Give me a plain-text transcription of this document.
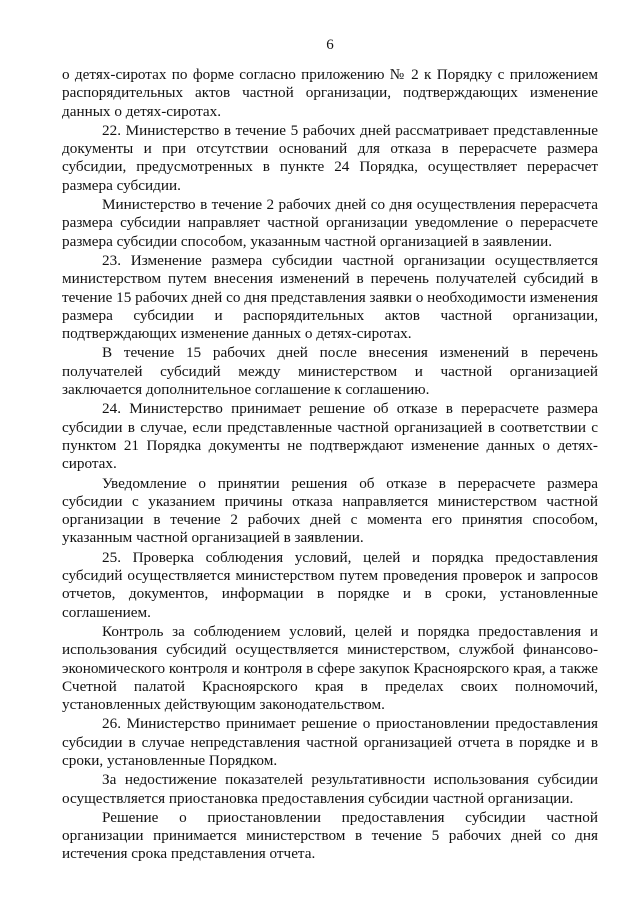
6

о детях-сиротах по форме согласно приложению № 2 к Порядку с приложением распорядительных актов частной организации, подтверждающих изменение данных о детях-сиротах.

22. Министерство в течение 5 рабочих дней рассматривает представленные документы и при отсутствии оснований для отказа в перерасчете размера субсидии, предусмотренных в пункте 24 Порядка, осуществляет перерасчет размера субсидии.

Министерство в течение 2 рабочих дней со дня осуществления перерасчета размера субсидии направляет частной организации уведомление о перерасчете размера субсидии способом, указанным частной организацией в заявлении.

23. Изменение размера субсидии частной организации осуществляется министерством путем внесения изменений в перечень получателей субсидий в течение 15 рабочих дней со дня представления заявки о необходимости изменения размера субсидии и распорядительных актов частной организации, подтверждающих изменение данных о детях-сиротах.

В течение 15 рабочих дней после внесения изменений в перечень получателей субсидий между министерством и частной организацией заключается дополнительное соглашение к соглашению.

24. Министерство принимает решение об отказе в перерасчете размера субсидии в случае, если представленные частной организацией в соответствии с пунктом 21 Порядка документы не подтверждают изменение данных о детях-сиротах.

Уведомление о принятии решения об отказе в перерасчете размера субсидии с указанием причины отказа направляется министерством частной организации в течение 2 рабочих дней с момента его принятия способом, указанным частной организацией в заявлении.

25. Проверка соблюдения условий, целей и порядка предоставления субсидий осуществляется министерством путем проведения проверок и запросов отчетов, документов, информации в порядке и в сроки, установленные соглашением.

Контроль за соблюдением условий, целей и порядка предоставления и использования субсидий осуществляется министерством, службой финансово-экономического контроля и контроля в сфере закупок Красноярского края, а также Счетной палатой Красноярского края в пределах своих полномочий, установленных действующим законодательством.

26. Министерство принимает решение о приостановлении предоставления субсидии в случае непредставления частной организацией отчета в порядке и в сроки, установленные Порядком.

За недостижение показателей результативности использования субсидии осуществляется приостановка предоставления субсидии частной организации.

Решение о приостановлении предоставления субсидии частной организации принимается министерством в течение 5 рабочих дней со дня истечения срока представления отчета.
